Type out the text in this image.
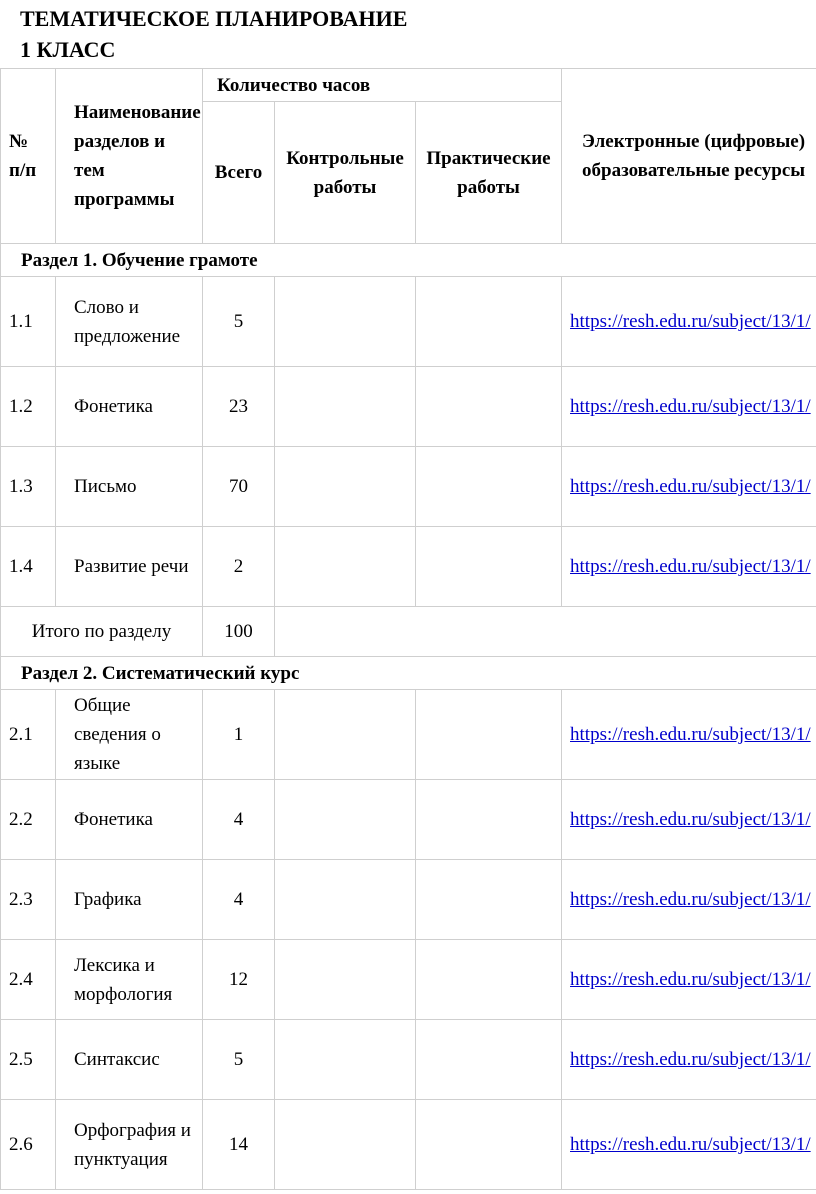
ТЕМАТИЧЕСКОЕ ПЛАНИРОВАНИЕ
1 КЛАСС
№ п/п	Наименование разделов и тем программы	Количество часов			Электронные (цифровые) образовательные ресурсы
		Всего	Контрольные работы	Практические работы	
Раздел 1. Обучение грамоте					
1.1	Слово и предложение	5			https://resh.edu.ru/subject/13/1/
1.2	Фонетика	23			https://resh.edu.ru/subject/13/1/
1.3	Письмо	70			https://resh.edu.ru/subject/13/1/
1.4	Развитие речи	2			https://resh.edu.ru/subject/13/1/
Итого по разделу		100			
Раздел 2. Систематический курс					
2.1	Общие сведения о языке	1			https://resh.edu.ru/subject/13/1/
2.2	Фонетика	4			https://resh.edu.ru/subject/13/1/
2.3	Графика	4			https://resh.edu.ru/subject/13/1/
2.4	Лексика и морфология	12			https://resh.edu.ru/subject/13/1/
2.5	Синтаксис	5			https://resh.edu.ru/subject/13/1/
2.6	Орфография и пунктуация	14			https://resh.edu.ru/subject/13/1/
